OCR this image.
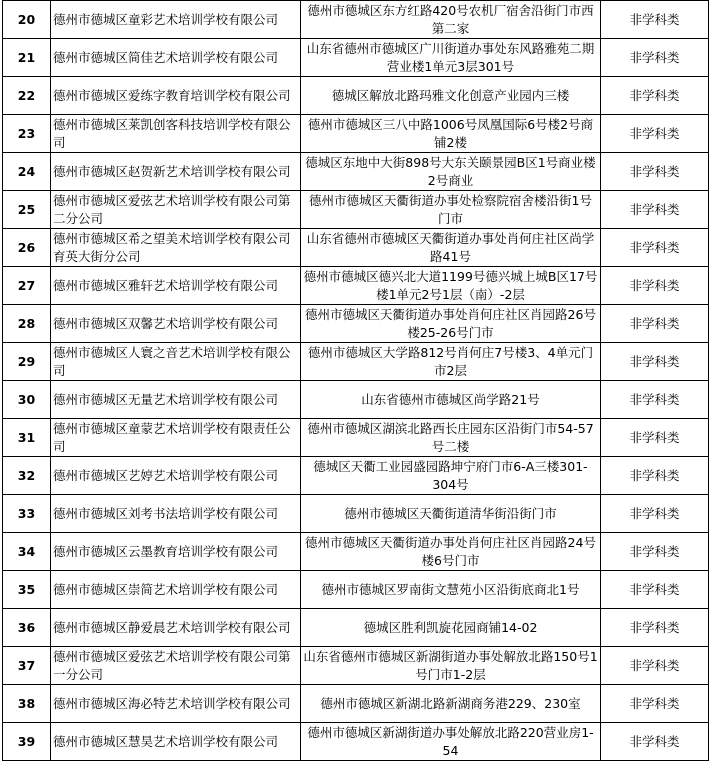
20	德州市德城区童彩艺术培训学校有限公司	德州市德城区东方红路420号农机厂宿舍沿街门市西第二家	非学科类
21	德州市德城区简佳艺术培训学校有限公司	山东省德州市德城区广川街道办事处东风路雅苑二期营业楼1单元3层301号	非学科类
22	德州市德城区爱练字教育培训学校有限公司	德城区解放北路玛雅文化创意产业园内三楼	非学科类
23	德州市德城区莱凯创客科技培训学校有限公司	德州市德城区三八中路1006号凤凰国际6号楼2号商铺2楼	非学科类
24	德州市德城区赵贺新艺术培训学校有限公司	德城区东地中大街898号大东关颐景园B区1号商业楼2号商业	非学科类
25	德州市德城区爱弦艺术培训学校有限公司第二分公司	德州市德城区天衢街道办事处检察院宿舍楼沿街1号门市	非学科类
26	德州市德城区希之望美术培训学校有限公司育英大街分公司	山东省德州市德城区天衢街道办事处肖何庄社区尚学路41号	非学科类
27	德州市德城区雅轩艺术培训学校有限公司	德州市德城区德兴北大道1199号德兴城上城B区17号楼1单元2号1层（南）-2层	非学科类
28	德州市德城区双馨艺术培训学校有限公司	德州市德城区天衢街道办事处肖何庄社区肖园路26号楼25-26号门市	非学科类
29	德州市德城区人寰之音艺术培训学校有限公司	德州市德城区大学路812号肖何庄7号楼3、4单元门市2层	非学科类
30	德州市德城区无量艺术培训学校有限公司	山东省德州市德城区尚学路21号	非学科类
31	德州市德城区童蒙艺术培训学校有限责任公司	德州市德城区湖滨北路西长庄园东区沿街门市54-57号二楼	非学科类
32	德州市德城区艺婷艺术培训学校有限公司	德城区天衢工业园盛园路坤宁府门市6-A三楼301-304号	非学科类
33	德州市德城区刘考书法培训学校有限公司	德州市德城区天衢街道清华街沿街门市	非学科类
34	德州市德城区云墨教育培训学校有限公司	德州市德城区天衢街道办事处肖何庄社区肖园路24号楼6号门市	非学科类
35	德州市德城区崇简艺术培训学校有限公司	德州市德城区罗南街文慧苑小区沿街底商北1号	非学科类
36	德州市德城区静爱晨艺术培训学校有限公司	德城区胜利凯旋花园商铺14-02	非学科类
37	德州市德城区爱弦艺术培训学校有限公司第一分公司	山东省德州市德城区新湖街道办事处解放北路150号1号门市1-2层	非学科类
38	德州市德城区海必特艺术培训学校有限公司	德州市德城区新湖北路新湖商务港229、230室	非学科类
39	德州市德城区慧昊艺术培训学校有限公司	德州市德城区新湖街道办事处解放北路220营业房1-54	非学科类
